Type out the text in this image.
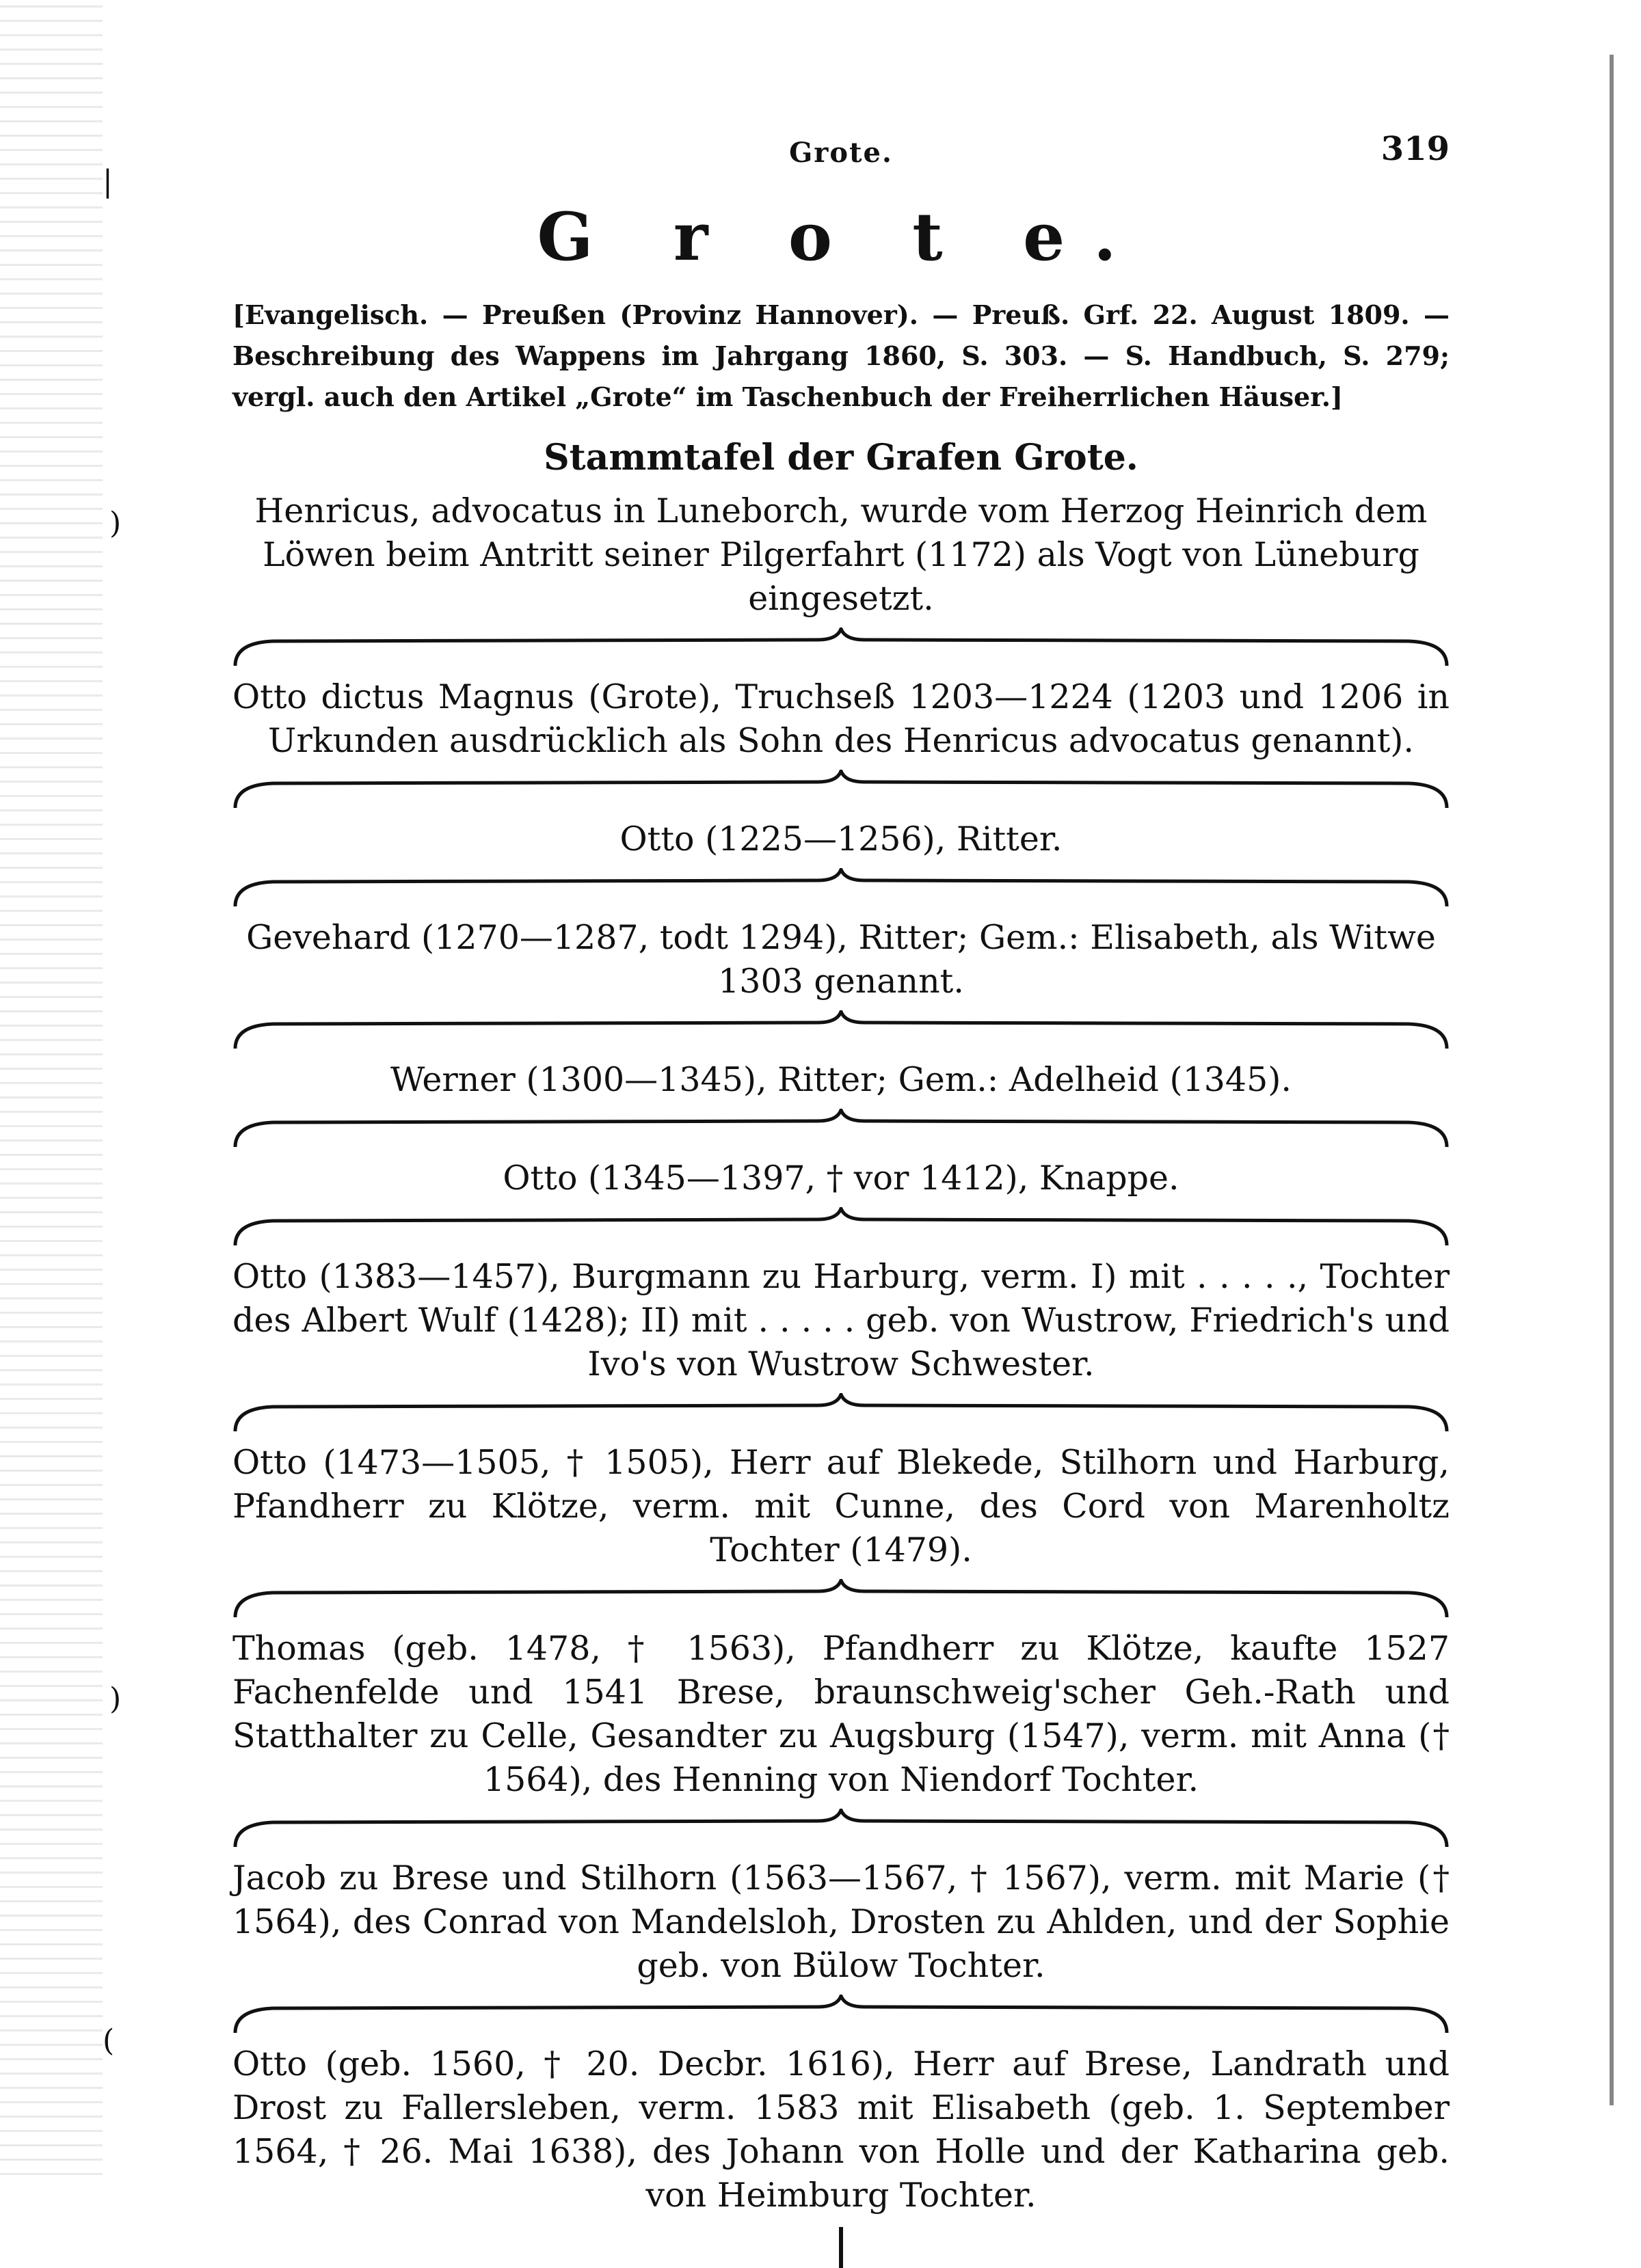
|
)
)
(
Grote.	319
G r o t e.
[Evangelisch. — Preußen (Provinz Hannover). — Preuß. Grf. 22. August 1809. — Beschreibung des Wappens im Jahrgang 1860, S. 303. — S. Handbuch, S. 279; vergl. auch den Artikel „Grote“ im Taschenbuch der Freiherrlichen Häuser.]
Stammtafel der Grafen Grote.
Henricus, advocatus in Luneborch, wurde vom Herzog Heinrich dem Löwen beim Antritt seiner Pilgerfahrt (1172) als Vogt von Lüneburg eingesetzt.
Otto dictus Magnus (Grote), Truchseß 1203—1224 (1203 und 1206 in Urkunden ausdrücklich als Sohn des Henricus advocatus genannt).
Otto (1225—1256), Ritter.
Gevehard (1270—1287, todt 1294), Ritter; Gem.: Elisabeth, als Witwe 1303 genannt.
Werner (1300—1345), Ritter; Gem.: Adelheid (1345).
Otto (1345—1397, † vor 1412), Knappe.
Otto (1383—1457), Burgmann zu Harburg, verm. I) mit . . . . ., Tochter des Albert Wulf (1428); II) mit . . . . . geb. von Wustrow, Friedrich's und Ivo's von Wustrow Schwester.
Otto (1473—1505, † 1505), Herr auf Blekede, Stilhorn und Harburg, Pfandherr zu Klötze, verm. mit Cunne, des Cord von Marenholtz Tochter (1479).
Thomas (geb. 1478, † 1563), Pfandherr zu Klötze, kaufte 1527 Fachenfelde und 1541 Brese, braunschweig'scher Geh.-Rath und Statthalter zu Celle, Gesandter zu Augsburg (1547), verm. mit Anna († 1564), des Henning von Niendorf Tochter.
Jacob zu Brese und Stilhorn (1563—1567, † 1567), verm. mit Marie († 1564), des Conrad von Mandelsloh, Drosten zu Ahlden, und der Sophie geb. von Bülow Tochter.
Otto (geb. 1560, † 20. Decbr. 1616), Herr auf Brese, Landrath und Drost zu Fallersleben, verm. 1583 mit Elisabeth (geb. 1. September 1564, † 26. Mai 1638), des Johann von Holle und der Katharina geb. von Heimburg Tochter.
